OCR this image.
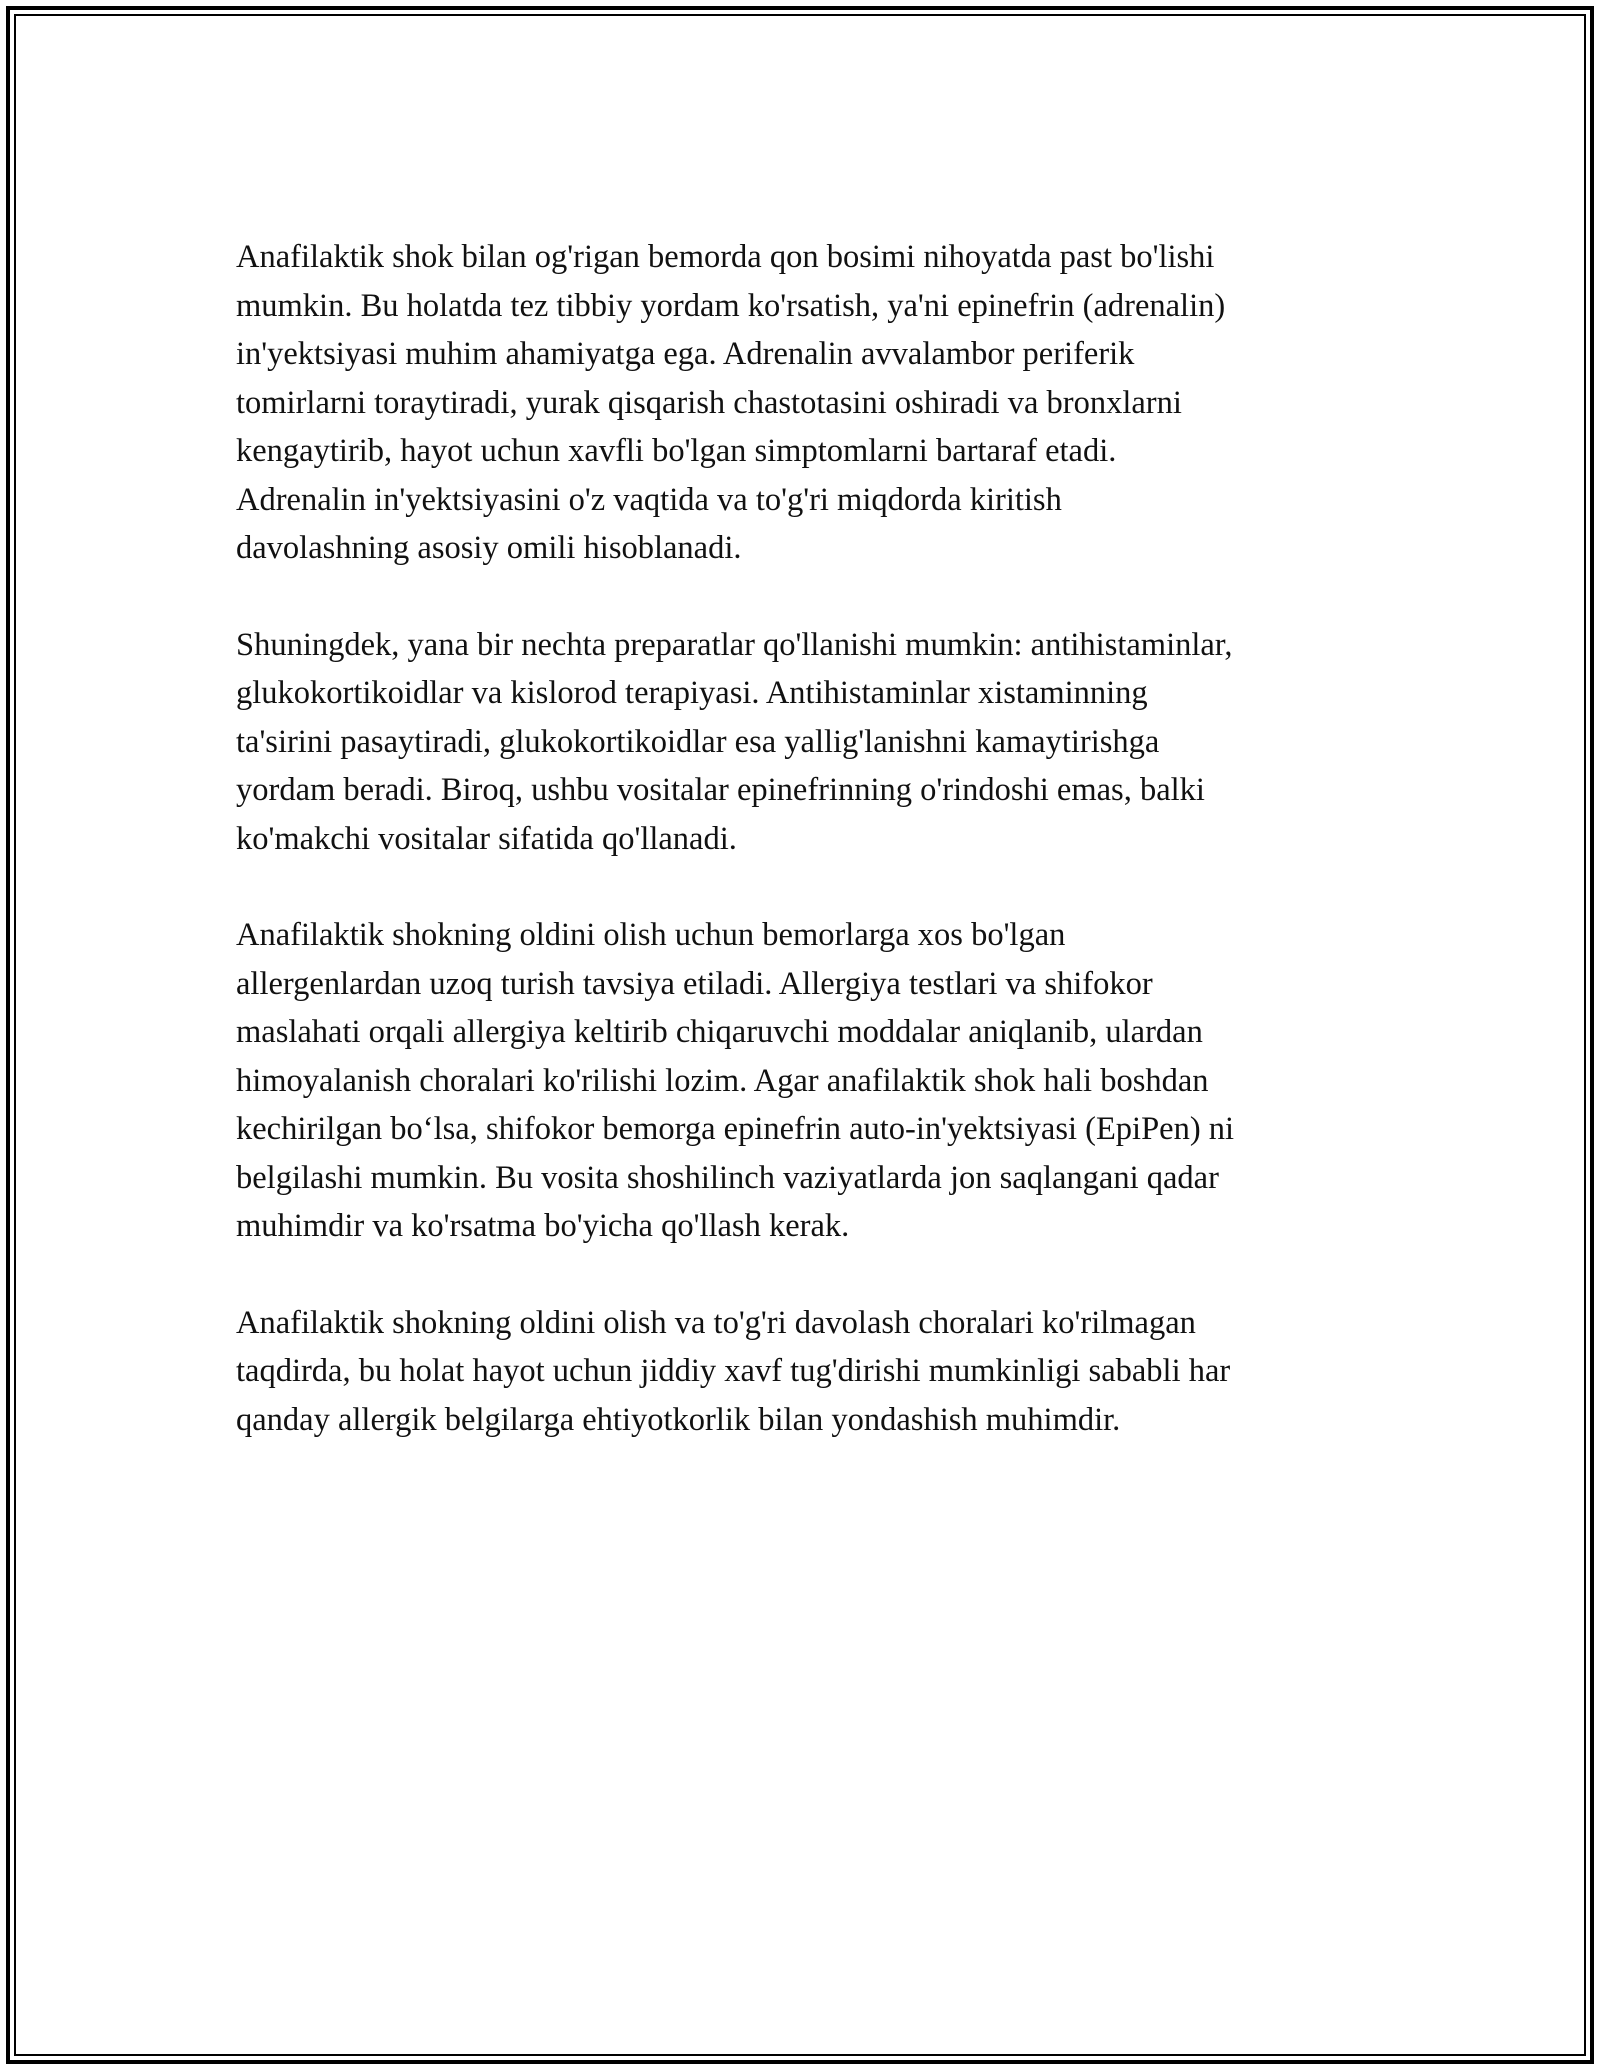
Anafilaktik shok bilan og'rigan bemorda qon bosimi nihoyatda past bo'lishi
mumkin. Bu holatda tez tibbiy yordam ko'rsatish, ya'ni epinefrin (adrenalin)
in'yektsiyasi muhim ahamiyatga ega. Adrenalin avvalambor periferik
tomirlarni toraytiradi, yurak qisqarish chastotasini oshiradi va bronxlarni
kengaytirib, hayot uchun xavfli bo'lgan simptomlarni bartaraf etadi.
Adrenalin in'yektsiyasini o'z vaqtida va to'g'ri miqdorda kiritish
davolashning asosiy omili hisoblanadi.

Shuningdek, yana bir nechta preparatlar qo'llanishi mumkin: antihistaminlar,
glukokortikoidlar va kislorod terapiyasi. Antihistaminlar xistaminning
ta'sirini pasaytiradi, glukokortikoidlar esa yallig'lanishni kamaytirishga
yordam beradi. Biroq, ushbu vositalar epinefrinning o'rindoshi emas, balki
ko'makchi vositalar sifatida qo'llanadi.

Anafilaktik shokning oldini olish uchun bemorlarga xos bo'lgan
allergenlardan uzoq turish tavsiya etiladi. Allergiya testlari va shifokor
maslahati orqali allergiya keltirib chiqaruvchi moddalar aniqlanib, ulardan
himoyalanish choralari ko'rilishi lozim. Agar anafilaktik shok hali boshdan
kechirilgan bo‘lsa, shifokor bemorga epinefrin auto-in'yektsiyasi (EpiPen) ni
belgilashi mumkin. Bu vosita shoshilinch vaziyatlarda jon saqlangani qadar
muhimdir va ko'rsatma bo'yicha qo'llash kerak.

Anafilaktik shokning oldini olish va to'g'ri davolash choralari ko'rilmagan
taqdirda, bu holat hayot uchun jiddiy xavf tug'dirishi mumkinligi sababli har
qanday allergik belgilarga ehtiyotkorlik bilan yondashish muhimdir.
